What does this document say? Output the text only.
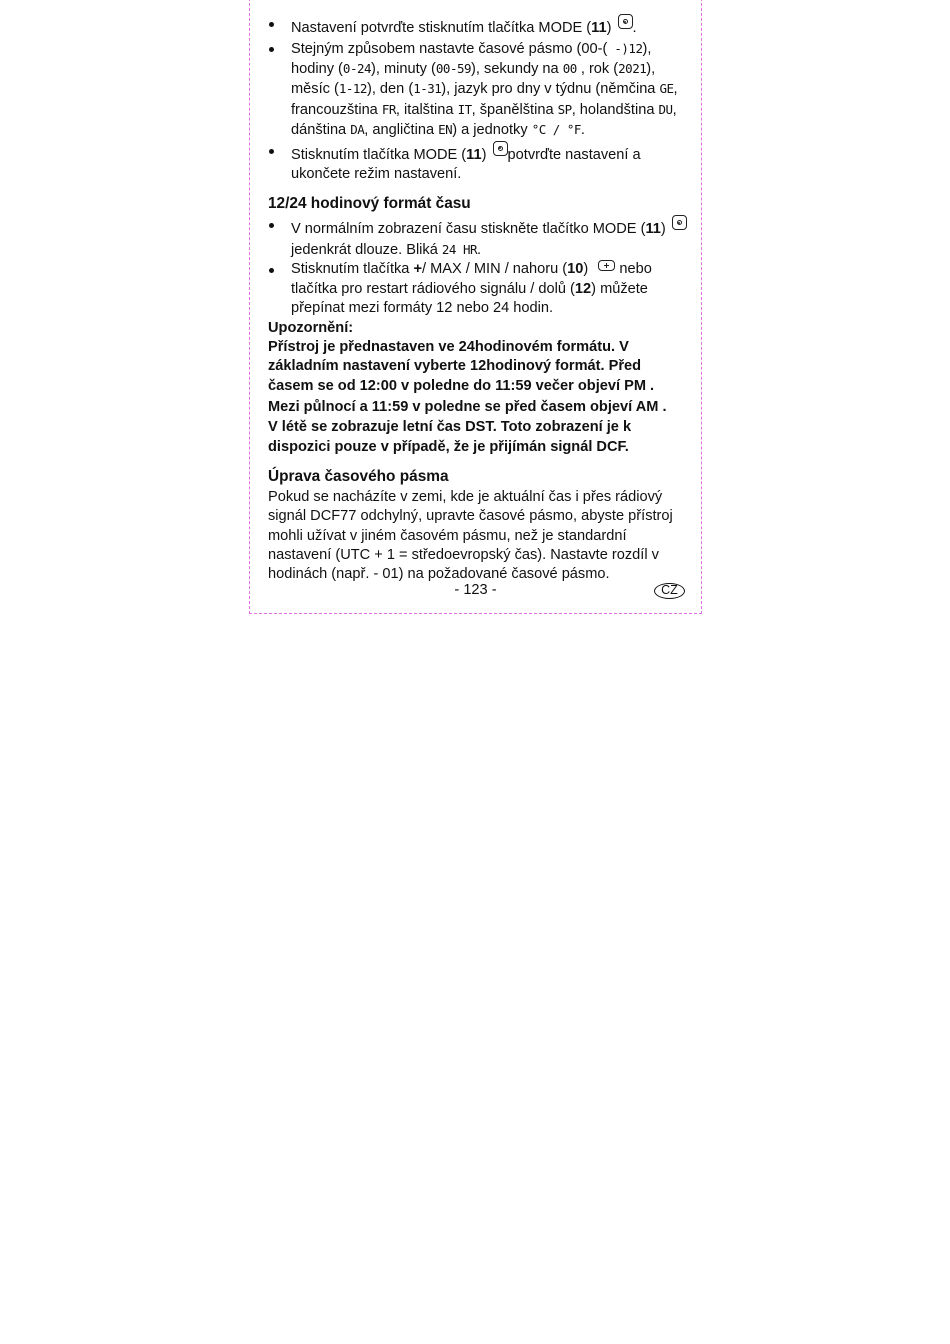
Nastavení potvrďte stisknutím tlačítka MODE (11) .
Stejným způsobem nastavte časové pásmo (00-( -)12), hodiny (0-24), minuty (00-59), sekundy na 00 , rok (2021), měsíc (1-12), den (1-31), jazyk pro dny v týdnu (němčina GE, francouzština FR, italština IT, španělština SP, holandština DU, dánština DA, angličtina EN) a jednotky °C / °F.
Stisknutím tlačítka MODE (11) potvrďte nastavení a ukončete režim nastavení.
12/24 hodinový formát času
V normálním zobrazení času stiskněte tlačítko MODE (11)  jedenkrát dlouze. Bliká 24 HR.
Stisknutím tlačítka +/ MAX / MIN / nahoru (10)  nebo tlačítka pro restart rádiového signálu / dolů (12) můžete přepínat mezi formáty 12 nebo 24 hodin.
Upozornění:

Přístroj je přednastaven ve 24hodinovém formátu. V základním nastavení vyberte 12hodinový formát. Před časem se od 12:00 v poledne do 11:59 večer objeví PM .

Mezi půlnocí a 11:59 v poledne se před časem objeví AM .

V létě se zobrazuje letní čas DST. Toto zobrazení je k dispozici pouze v případě, že je přijímán signál DCF.

Úprava časového pásma

Pokud se nacházíte v zemi, kde je aktuální čas i přes rádiový signál DCF77 odchylný, upravte časové pásmo, abyste přístroj mohli užívat v jiném časovém pásmu, než je standardní nastavení (UTC + 1 = středoevropský čas). Nastavte rozdíl v hodinách (např. - 01) na požadované časové pásmo.

- 123 -	CZ
